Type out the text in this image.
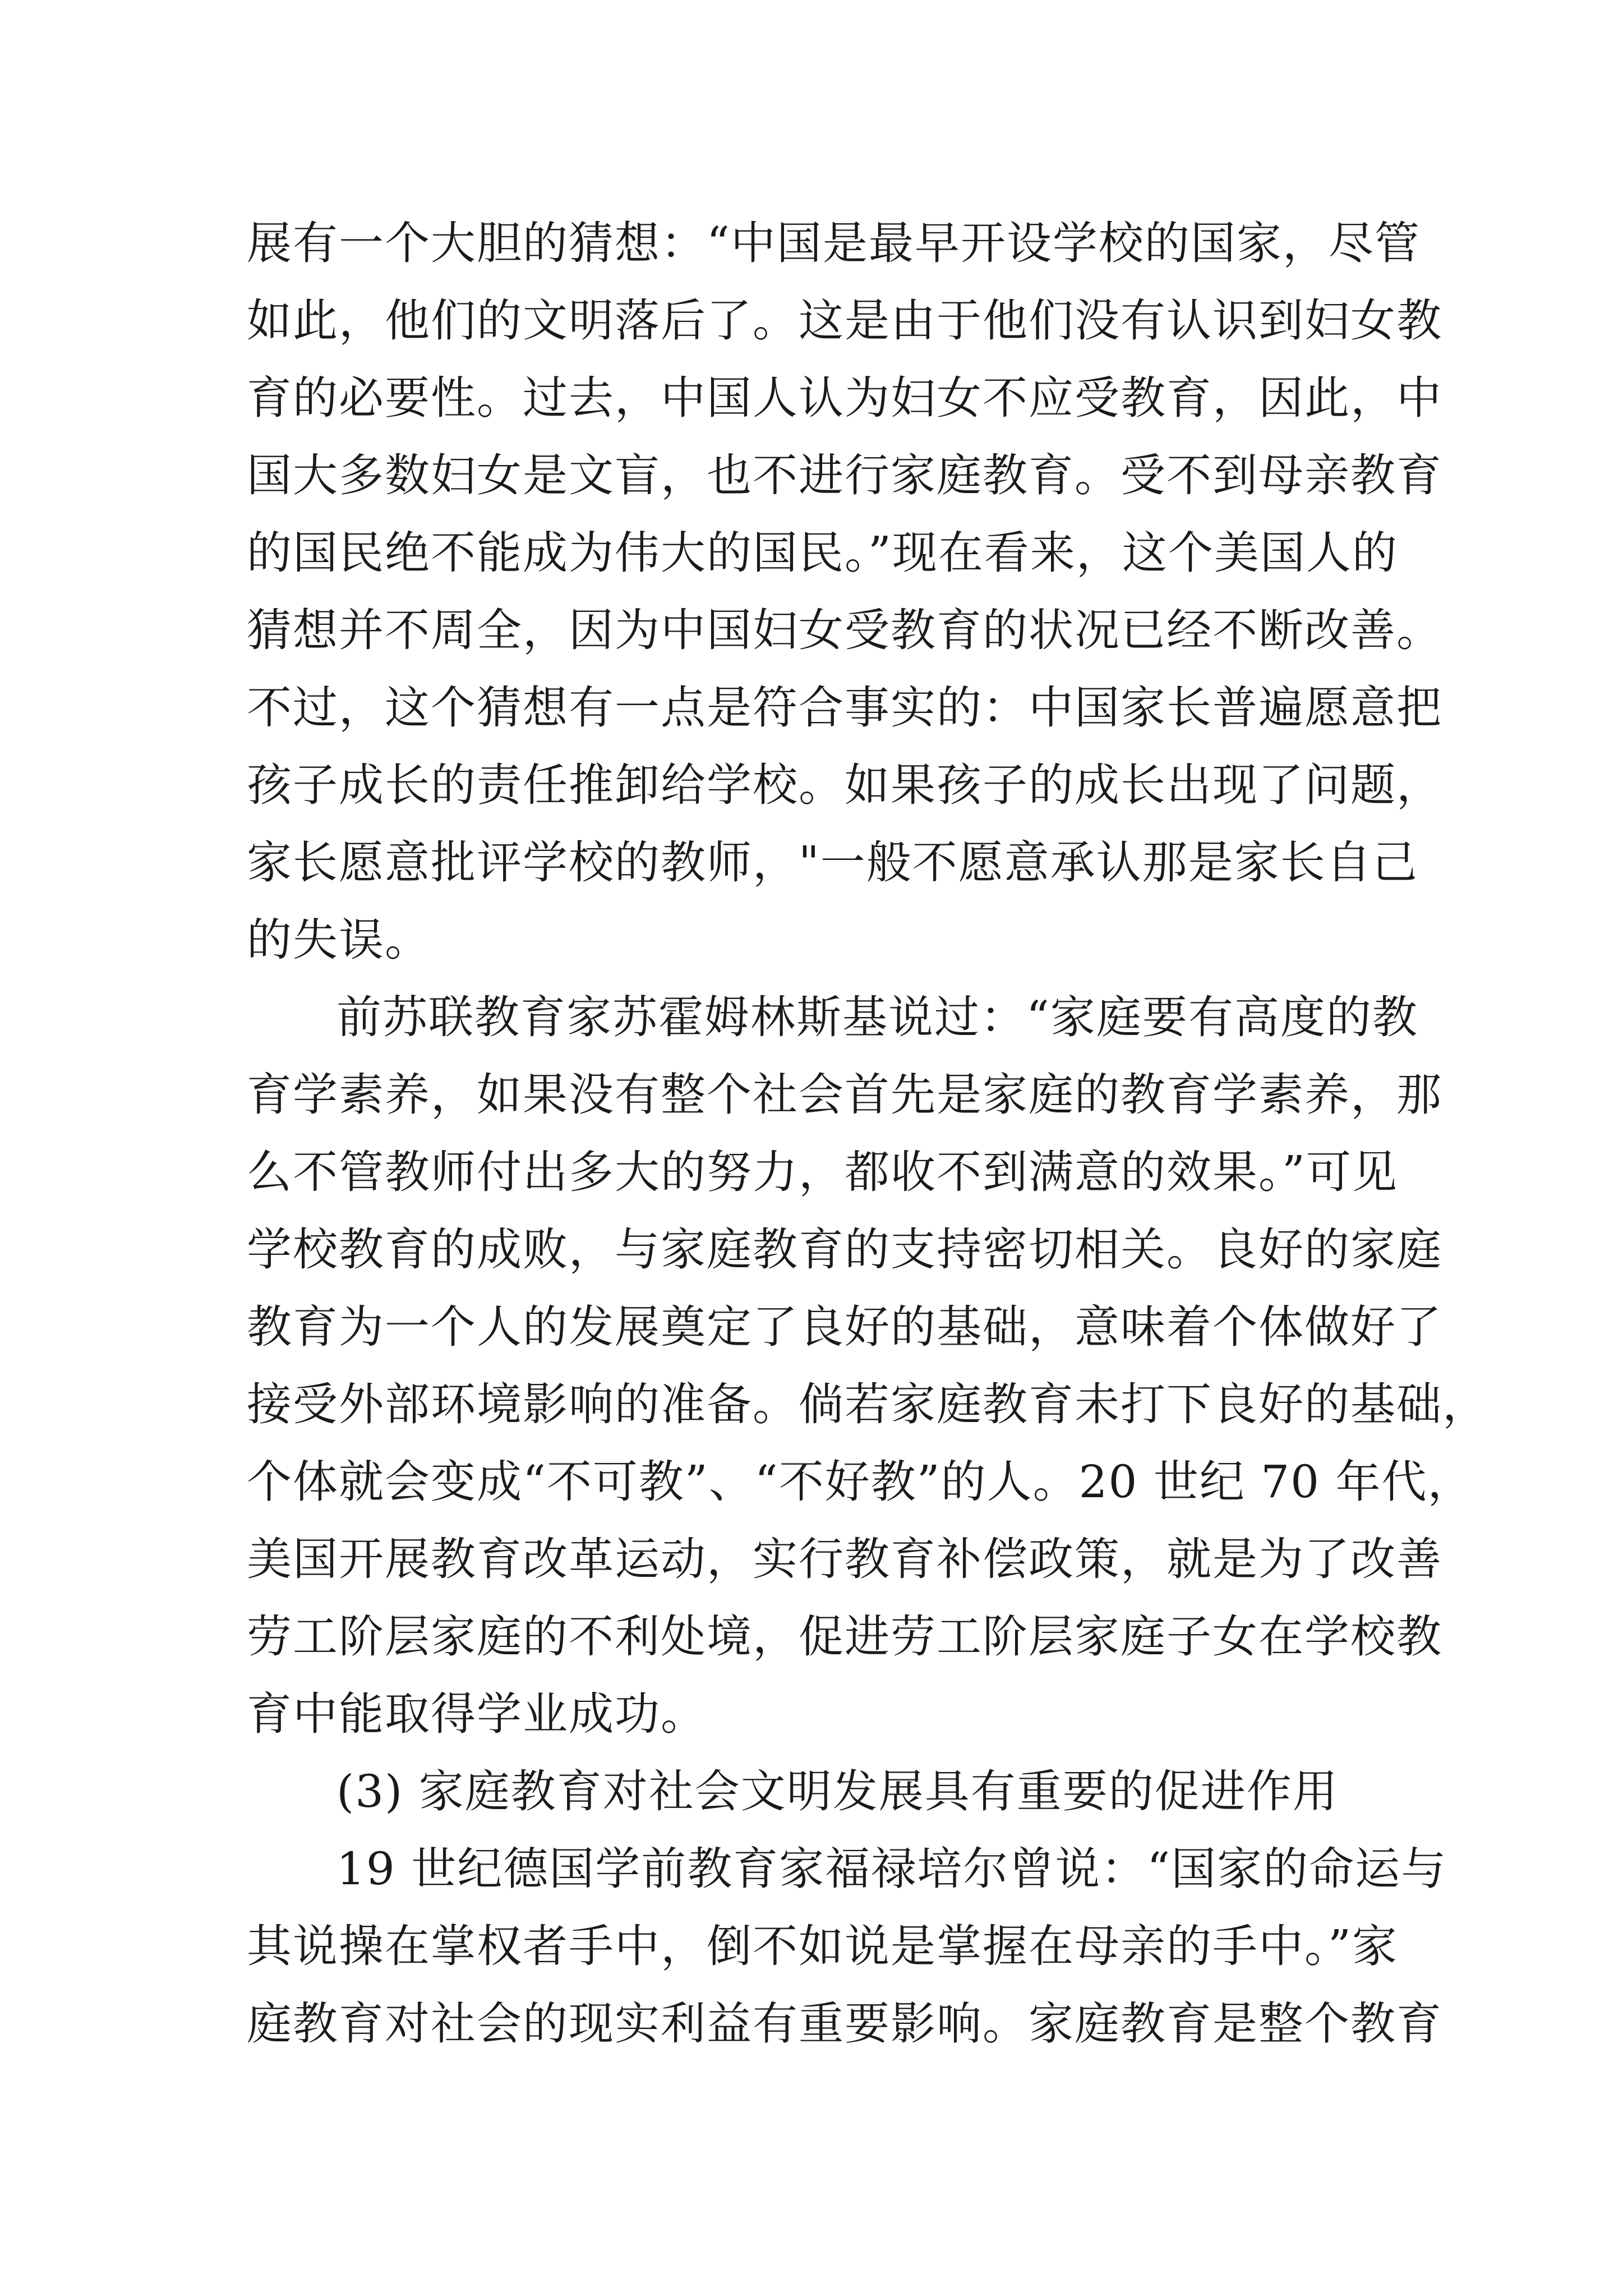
展有一个大胆的猜想：“中国是最早开设学校的国家，尽管
如此，他们的文明落后了。这是由于他们没有认识到妇女教
育的必要性。过去，中国人认为妇女不应受教育，因此，中
国大多数妇女是文盲，也不进行家庭教育。受不到母亲教育
的国民绝不能成为伟大的国民。”现在看来，这个美国人的
猜想并不周全，因为中国妇女受教育的状况已经不断改善。
不过，这个猜想有一点是符合事实的：中国家长普遍愿意把
孩子成长的责任推卸给学校。如果孩子的成长出现了问题，
家长愿意批评学校的教师，"一般不愿意承认那是家长自己
的失误。
前苏联教育家苏霍姆林斯基说过：“家庭要有高度的教
育学素养，如果没有整个社会首先是家庭的教育学素养，那
么不管教师付出多大的努力，都收不到满意的效果。”可见
学校教育的成败，与家庭教育的支持密切相关。良好的家庭
教育为一个人的发展奠定了良好的基础，意味着个体做好了
接受外部环境影响的准备。倘若家庭教育未打下良好的基础，
个体就会变成“不可教”、“不好教”的人。20 世纪 70 年代，
美国开展教育改革运动，实行教育补偿政策，就是为了改善
劳工阶层家庭的不利处境，促进劳工阶层家庭子女在学校教
育中能取得学业成功。
(3) 家庭教育对社会文明发展具有重要的促进作用
19 世纪德国学前教育家福禄培尔曾说：“国家的命运与
其说操在掌权者手中，倒不如说是掌握在母亲的手中。”家
庭教育对社会的现实利益有重要影响。家庭教育是整个教育
